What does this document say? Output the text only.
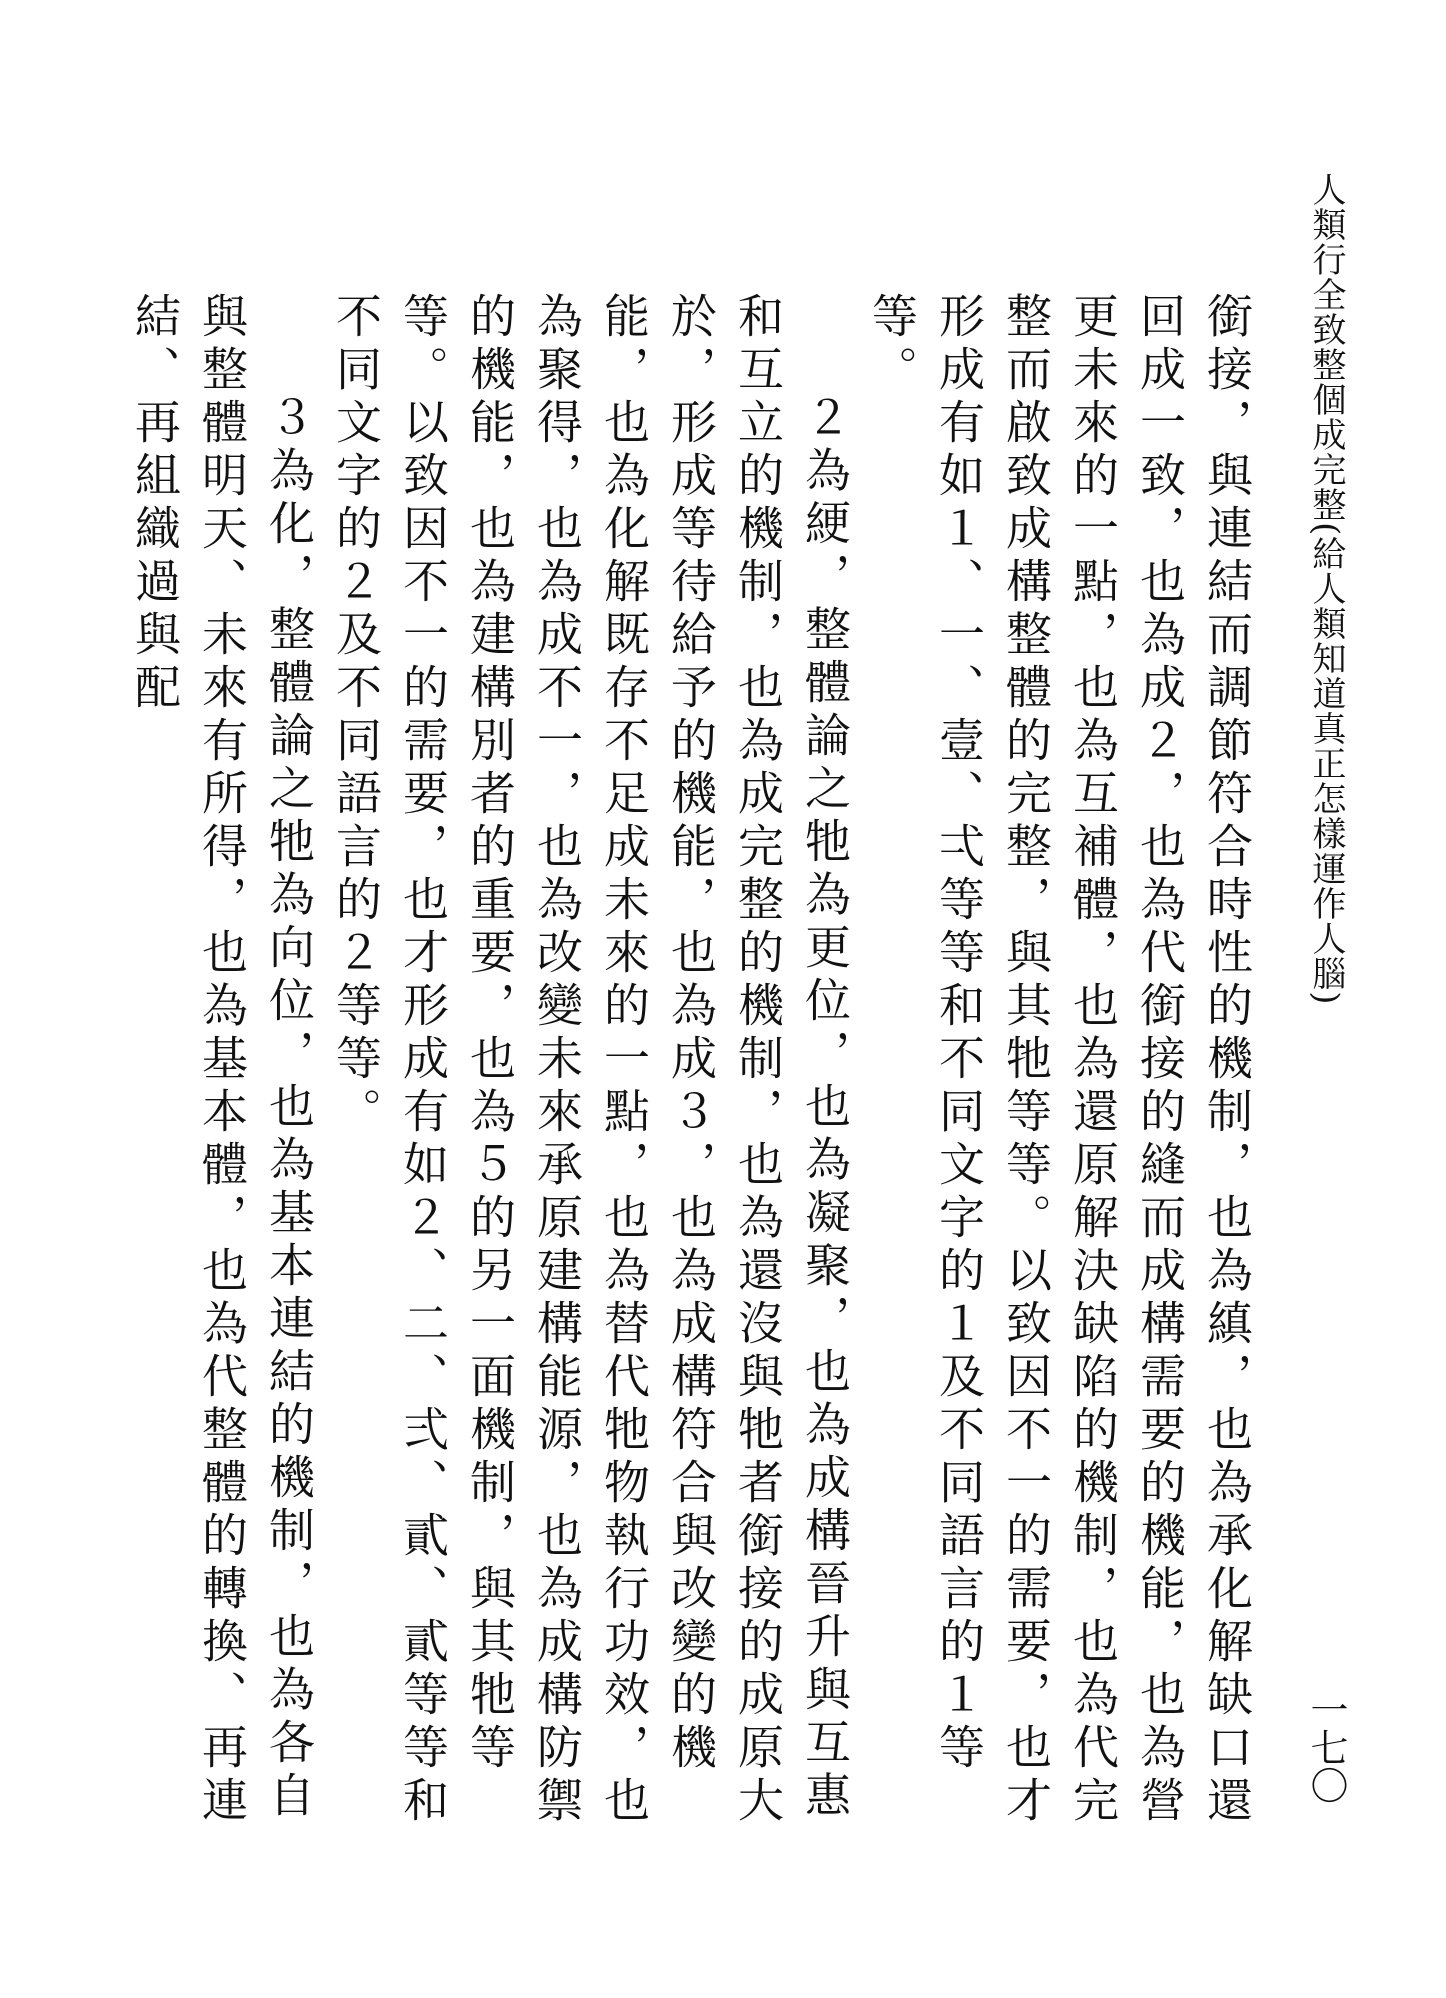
人類行全致整個成完整(給人類知道真正怎樣運作人腦)
一七〇

銜接，與連結而調節符合時性的機制，也為縝，也為承化解缺口還回成一致，也為成２，也為代銜接的縫而成構需要的機能，也為營更未來的一點，也為互補體，也為還原解決缺陷的機制，也為代完整而啟致成構整體的完整，與其牠等等。以致因不一的需要，也才形成有如１、一、壹、弌等等和不同文字的１及不同語言的１等等。

２為綆，整體論之牠為更位，也為凝聚，也為成構晉升與互惠和互立的機制，也為成完整的機制，也為還沒與牠者銜接的成原大於，形成等待給予的機能，也為成３，也為成構符合與改變的機能，也為化解既存不足成未來的一點，也為替代牠物執行功效，也為聚得，也為成不一，也為改變未來承原建構能源，也為成構防禦的機能，也為建構別者的重要，也為５的另一面機制，與其牠等等。以致因不一的需要，也才形成有如２、二、弍、貳、貳等等和不同文字的２及不同語言的２等等。

３為化，整體論之牠為向位，也為基本連結的機制，也為各自與整體明天、未來有所得，也為基本體，也為代整體的轉換、再連結、再組織過與配
